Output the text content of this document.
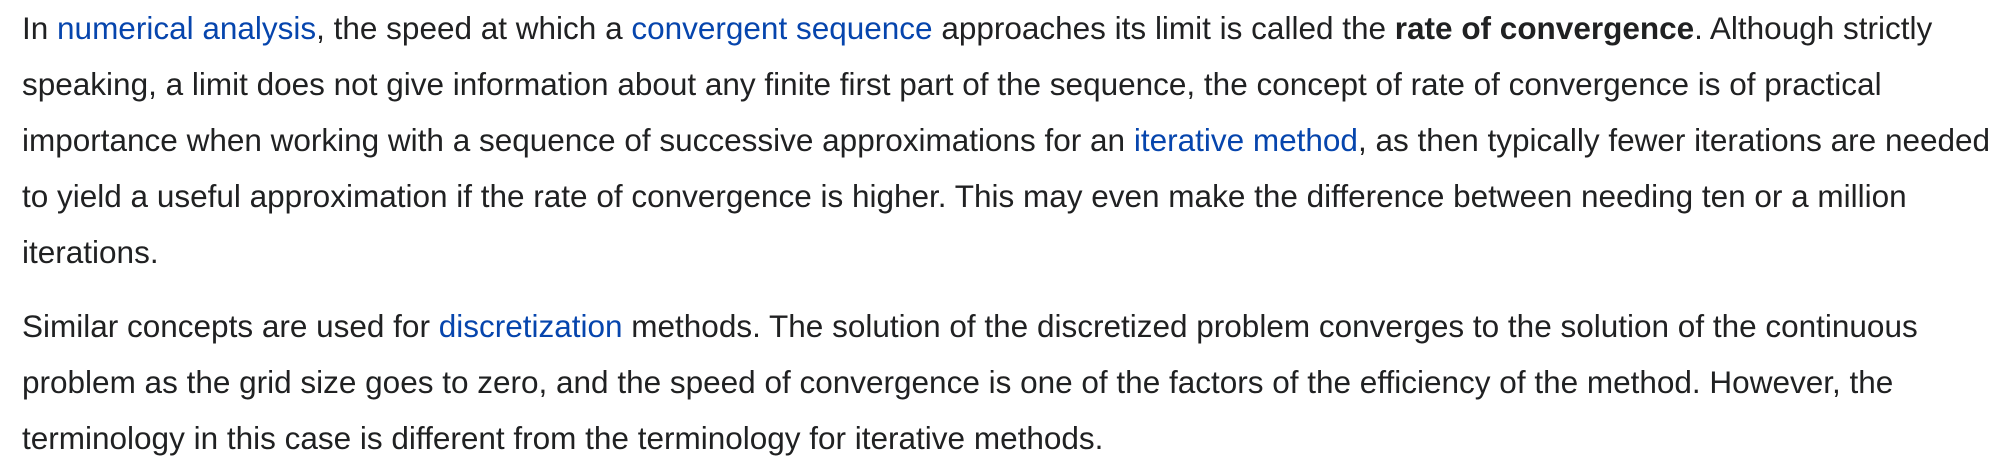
In numerical analysis, the speed at which a convergent sequence approaches its limit is called the rate of convergence. Although strictly speaking, a limit does not give information about any finite first part of the sequence, the concept of rate of convergence is of practical importance when working with a sequence of successive approximations for an iterative method, as then typically fewer iterations are needed to yield a useful approximation if the rate of convergence is higher. This may even make the difference between needing ten or a million iterations.

Similar concepts are used for discretization methods. The solution of the discretized problem converges to the solution of the continuous problem as the grid size goes to zero, and the speed of convergence is one of the factors of the efficiency of the method. However, the terminology in this case is different from the terminology for iterative methods.
